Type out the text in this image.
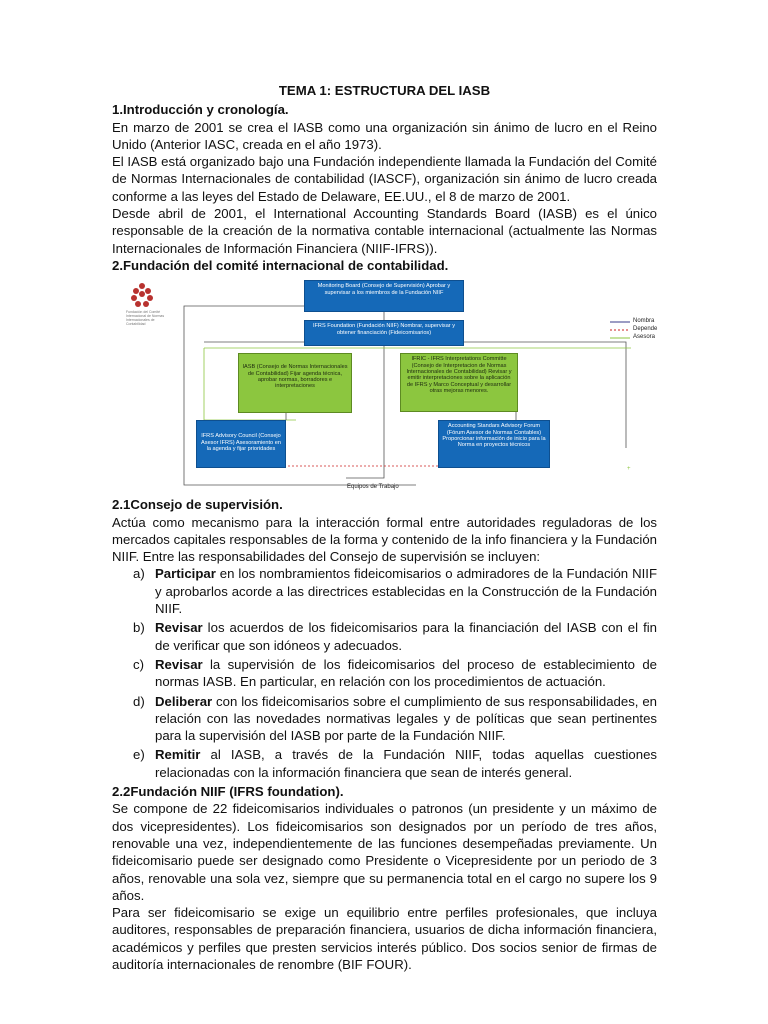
TEMA 1: ESTRUCTURA DEL IASB
1.Introducción y cronología.

En marzo de 2001 se crea el IASB como una organización sin ánimo de lucro en el Reino Unido (Anterior IASC, creada en el año 1973).

El IASB está organizado bajo una Fundación independiente llamada la Fundación del Comité de Normas Internacionales de contabilidad (IASCF), organización sin ánimo de lucro creada conforme a las leyes del Estado de Delaware, EE.UU., el 8 de marzo de 2001.

Desde abril de 2001, el International Accounting Standards Board (IASB) es el único responsable de la creación de la normativa contable internacional (actualmente las Normas Internacionales de Información Financiera (NIIF-IFRS)).

2.Fundación del comité internacional de contabilidad.
+
Fundación del Comité Internacional de Normas Internacionales de Contabilidad
Monitoring Board (Consejo de Supervisión) Aprobar y supervisar a los miembros de la Fundación NIIF
IFRS Foundation (Fundación NIIF) Nombrar, supervisar y obtener financiación (Fideicomisarios)
IASB (Consejo de Normas Internacionales de Contabilidad) Fijar agenda técnica, aprobar normas, borradores e interpretaciones
IFRIC - IFRS Interpretations Committe (Consejo de Interpretacion de Normas Internacionales de Contabilidad) Revisar y emitir interpretaciones sobre la aplicación de IFRS y Marco Conceptual y desarrollar otras mejoras menores.
IFRS Advisory Council (Consejo Asesor IFRS) Asesoramiento en la agenda y fijar prioridades
Accounting Standars Advisory Forum (Fórum Asesor de Normas Contables) Proporcionar información de inicio para la Norma en proyectos técnicos
Equipos de Trabajo
Nombra
Depende
Asesora
2.1Consejo de supervisión.

Actúa como mecanismo para la interacción formal entre autoridades reguladoras de los mercados capitales responsables de la forma y contenido de la info financiera y la Fundación NIIF. Entre las responsabilidades del Consejo de supervisión se incluyen:

a) Participar en los nombramientos fideicomisarios o admiradores de la Fundación NIIF y aprobarlos acorde a las directrices establecidas en la Construcción de la Fundación NIIF.
b) Revisar los acuerdos de los fideicomisarios para la financiación del IASB con el fin de verificar que son idóneos y adecuados.
c) Revisar la supervisión de los fideicomisarios del proceso de establecimiento de normas IASB. En particular, en relación con los procedimientos de actuación.
d) Deliberar con los fideicomisarios sobre el cumplimiento de sus responsabilidades, en relación con las novedades normativas legales y de políticas que sean pertinentes para la supervisión del IASB por parte de la Fundación NIIF.
e) Remitir al IASB, a través de la Fundación NIIF, todas aquellas cuestiones relacionadas con la información financiera que sean de interés general.
2.2Fundación NIIF (IFRS foundation).

Se compone de 22 fideicomisarios individuales o patronos (un presidente y un máximo de dos vicepresidentes). Los fideicomisarios son designados por un período de tres años, renovable una vez, independientemente de las funciones desempeñadas previamente. Un fideicomisario puede ser designado como Presidente o Vicepresidente por un periodo de 3 años, renovable una sola vez, siempre que su permanencia total en el cargo no supere los 9 años.

Para ser fideicomisario se exige un equilibrio entre perfiles profesionales, que incluya auditores, responsables de preparación financiera, usuarios de dicha información financiera, académicos y perfiles que presten servicios interés público. Dos socios senior de firmas de auditoría internacionales de renombre (BIF FOUR).
